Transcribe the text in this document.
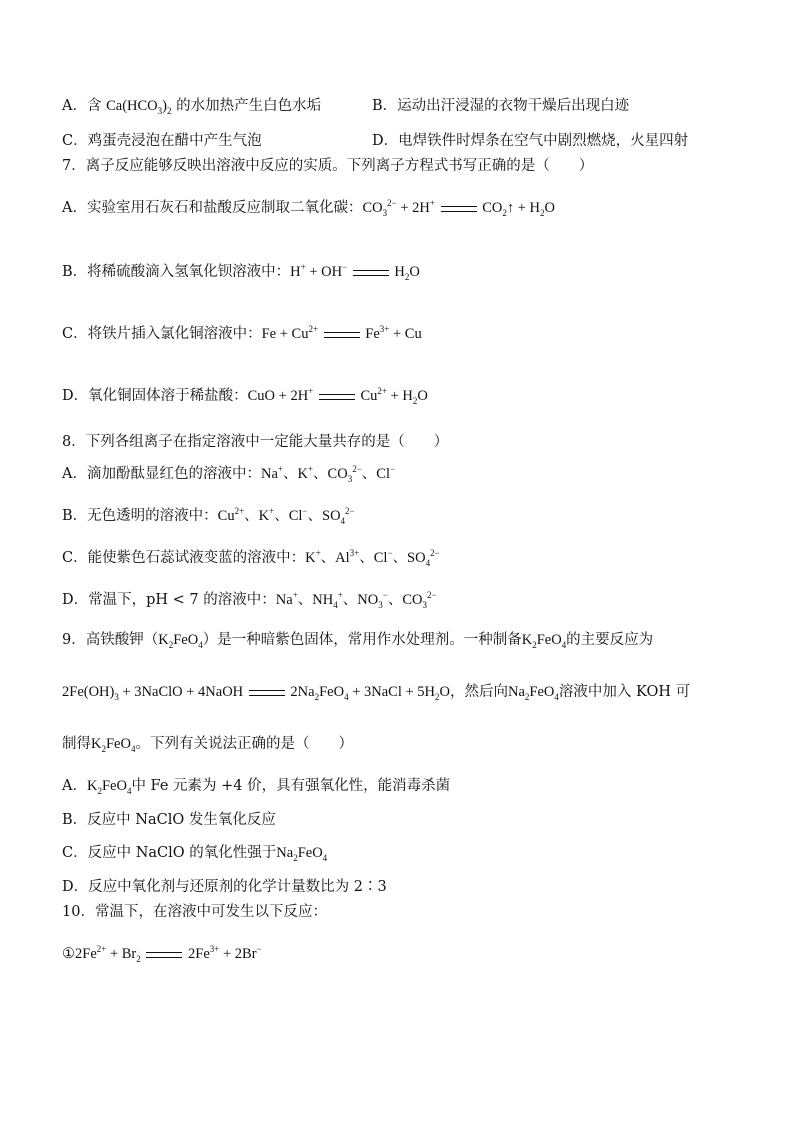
A．含 $Ca(HCO_3)_2$ 的水加热产生白色水垢	B．运动出汗浸湿的衣物干燥后出现白迹
C．鸡蛋壳浸泡在醋中产生气泡	D．电焊铁件时焊条在空气中剧烈燃烧，火星四射
7．离子反应能够反映出溶液中反应的实质。下列离子方程式书写正确的是（　　）
A．实验室用石灰石和盐酸反应制取二氧化碳：$CO_3^{2-} + 2H^+$	$CO_2↑ + H_2O$
B．将稀硫酸滴入氢氧化钡溶液中：H+ + OH−	$H_2O$
C．将铁片插入氯化铜溶液中：$Fe + Cu^{2+}$	$Fe^{3+} + Cu$
D．氧化铜固体溶于稀盐酸：CuO + 2H+	$Cu^{2+} + H_2O$
8．下列各组离子在指定溶液中一定能大量共存的是（　　）
A．滴加酚酞显红色的溶液中：Na+、K+、$CO_3^{2-}$、Cl−
B．无色透明的溶液中：$Cu^{2+}$、K+、Cl−、$SO_4^{2-}$
C．能使紫色石蕊试液变蓝的溶液中：K+、$Al^{3+}$、Cl−、$SO_4^{2-}$
D．常温下，pH < 7 的溶液中：Na+、$NH_4^+$、$NO_3^-$、$CO_3^{2-}$
9．高铁酸钾$(K_2FeO_4)$是一种暗紫色固体，常用作水处理剂。一种制备$K_2FeO_4$的主要反应为
$2Fe(OH)_3$ + 3NaClO + 4NaOH	$2Na_2FeO_4$ + 3NaCl + $5H_2O$，然后向$Na_2FeO_4$溶液中加入 KOH 可
制得$K_2FeO_4$。下列有关说法正确的是（　　）
A．$K_2FeO_4$中 Fe 元素为 +4 价，具有强氧化性，能消毒杀菌
B．反应中 NaClO 发生氧化反应
C．反应中 NaClO 的氧化性强于$Na_2FeO_4$
D．反应中氧化剂与还原剂的化学计量数比为 2∶3
10．常温下，在溶液中可发生以下反应：
$①2Fe^{2+} + Br_2$	$2Fe^{3+} + 2Br^-$
